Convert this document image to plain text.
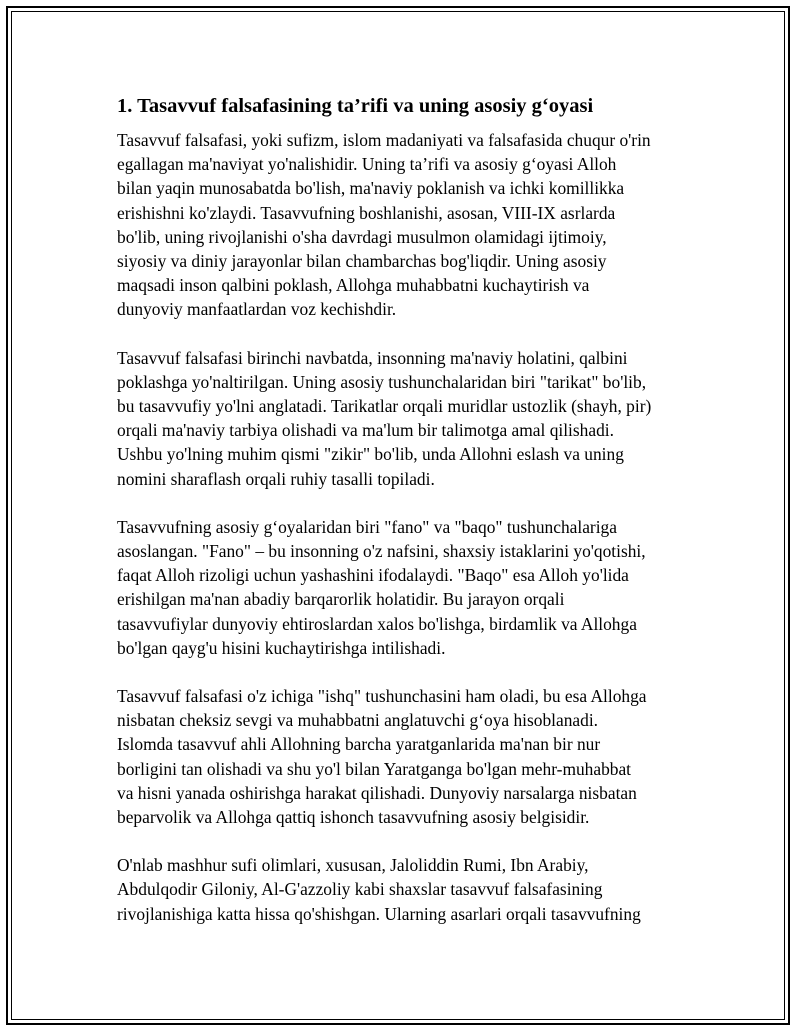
1. Tasavvuf falsafasining ta’rifi va uning asosiy g‘oyasi

Tasavvuf falsafasi, yoki sufizm, islom madaniyati va falsafasida chuqur o'rin
egallagan ma'naviyat yo'nalishidir. Uning ta’rifi va asosiy g‘oyasi Alloh
bilan yaqin munosabatda bo'lish, ma'naviy poklanish va ichki komillikka
erishishni ko'zlaydi. Tasavvufning boshlanishi, asosan, VIII-IX asrlarda
bo'lib, uning rivojlanishi o'sha davrdagi musulmon olamidagi ijtimoiy,
siyosiy va diniy jarayonlar bilan chambarchas bog'liqdir. Uning asosiy
maqsadi inson qalbini poklash, Allohga muhabbatni kuchaytirish va
dunyoviy manfaatlardan voz kechishdir.

Tasavvuf falsafasi birinchi navbatda, insonning ma'naviy holatini, qalbini
poklashga yo'naltirilgan. Uning asosiy tushunchalaridan biri "tarikat" bo'lib,
bu tasavvufiy yo'lni anglatadi. Tarikatlar orqali muridlar ustozlik (shayh, pir)
orqali ma'naviy tarbiya olishadi va ma'lum bir talimotga amal qilishadi.
Ushbu yo'lning muhim qismi "zikir" bo'lib, unda Allohni eslash va uning
nomini sharaflash orqali ruhiy tasalli topiladi.

Tasavvufning asosiy g‘oyalaridan biri "fano" va "baqo" tushunchalariga
asoslangan. "Fano" – bu insonning o'z nafsini, shaxsiy istaklarini yo'qotishi,
faqat Alloh rizoligi uchun yashashini ifodalaydi. "Baqo" esa Alloh yo'lida
erishilgan ma'nan abadiy barqarorlik holatidir. Bu jarayon orqali
tasavvufiylar dunyoviy ehtiroslardan xalos bo'lishga, birdamlik va Allohga
bo'lgan qayg'u hisini kuchaytirishga intilishadi.

Tasavvuf falsafasi o'z ichiga "ishq" tushunchasini ham oladi, bu esa Allohga
nisbatan cheksiz sevgi va muhabbatni anglatuvchi g‘oya hisoblanadi.
Islomda tasavvuf ahli Allohning barcha yaratganlarida ma'nan bir nur
borligini tan olishadi va shu yo'l bilan Yaratganga bo'lgan mehr-muhabbat
va hisni yanada oshirishga harakat qilishadi. Dunyoviy narsalarga nisbatan
beparvolik va Allohga qattiq ishonch tasavvufning asosiy belgisidir.

O'nlab mashhur sufi olimlari, xususan, Jaloliddin Rumi, Ibn Arabiy,
Abdulqodir Giloniy, Al-G'azzoliy kabi shaxslar tasavvuf falsafasining
rivojlanishiga katta hissa qo'shishgan. Ularning asarlari orqali tasavvufning
